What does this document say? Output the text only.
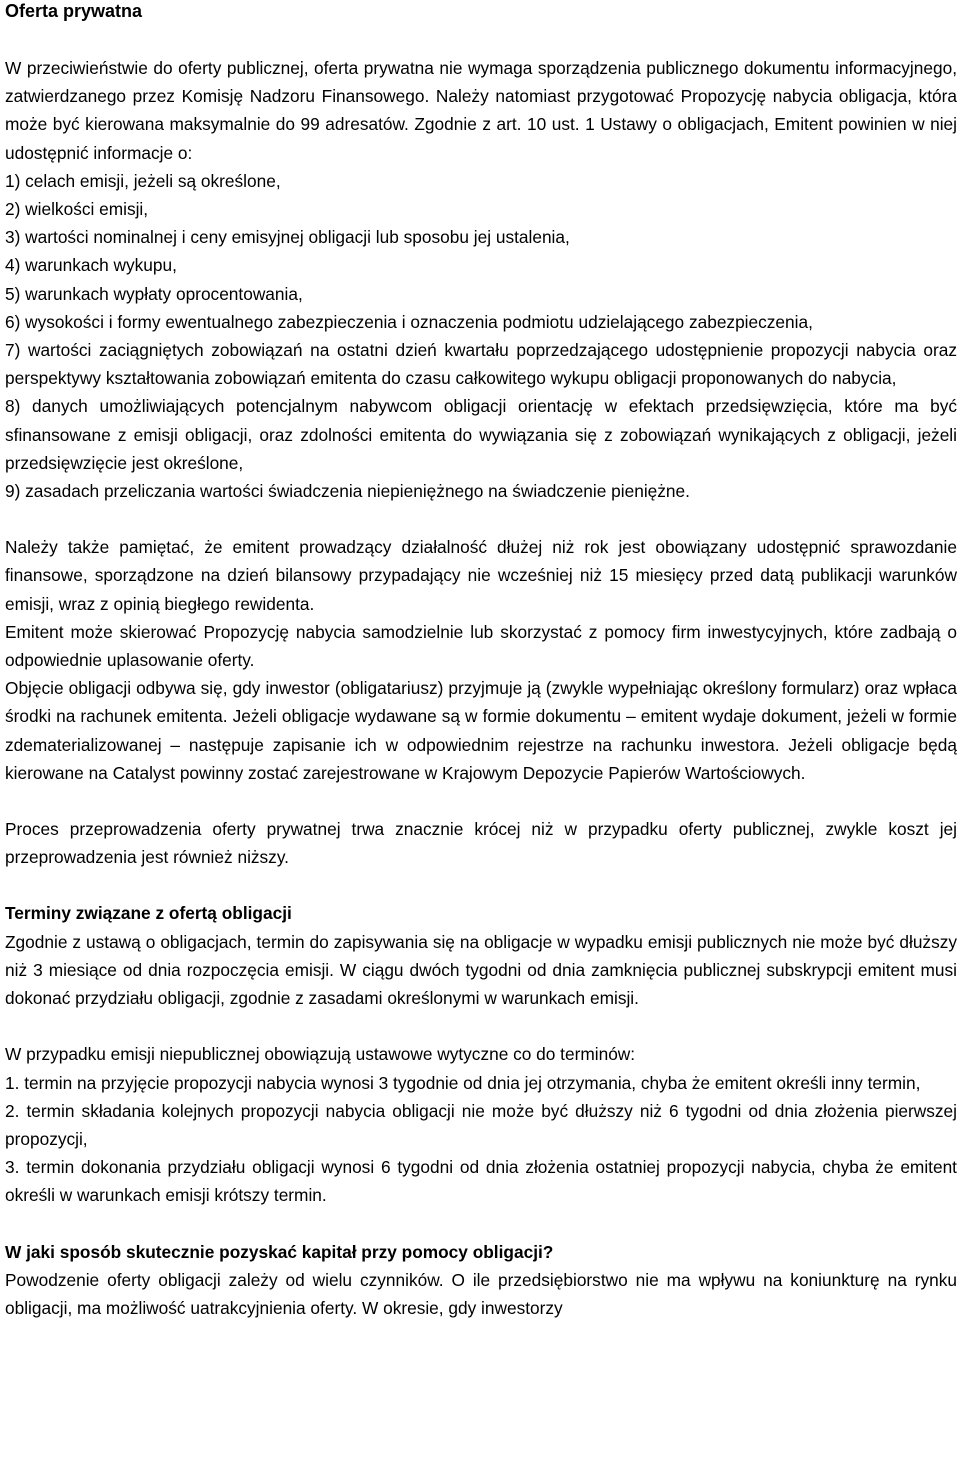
Oferta prywatna

W przeciwieństwie do oferty publicznej, oferta prywatna nie wymaga sporządzenia publicznego dokumentu informacyjnego, zatwierdzanego przez Komisję Nadzoru Finansowego. Należy natomiast przygotować Propozycję nabycia obligacja, która może być kierowana maksymalnie do 99 adresatów. Zgodnie z art. 10 ust. 1 Ustawy o obligacjach, Emitent powinien w niej udostępnić informacje o:

1) celach emisji, jeżeli są określone,

2) wielkości emisji,

3) wartości nominalnej i ceny emisyjnej obligacji lub sposobu jej ustalenia,

4) warunkach wykupu,

5) warunkach wypłaty oprocentowania,

6) wysokości i formy ewentualnego zabezpieczenia i oznaczenia podmiotu udzielającego zabezpieczenia,

7) wartości zaciągniętych zobowiązań na ostatni dzień kwartału poprzedzającego udostępnienie propozycji nabycia oraz perspektywy kształtowania zobowiązań emitenta do czasu całkowitego wykupu obligacji proponowanych do nabycia,

8) danych umożliwiających potencjalnym nabywcom obligacji orientację w efektach przedsięwzięcia, które ma być sfinansowane z emisji obligacji, oraz zdolności emitenta do wywiązania się z zobowiązań wynikających z obligacji, jeżeli przedsięwzięcie jest określone,

9) zasadach przeliczania wartości świadczenia niepieniężnego na świadczenie pieniężne.

Należy także pamiętać, że emitent prowadzący działalność dłużej niż rok jest obowiązany udostępnić sprawozdanie finansowe, sporządzone na dzień bilansowy przypadający nie wcześniej niż 15 miesięcy przed datą publikacji warunków emisji, wraz z opinią biegłego rewidenta.

Emitent może skierować Propozycję nabycia samodzielnie lub skorzystać z pomocy firm inwestycyjnych, które zadbają o odpowiednie uplasowanie oferty.

Objęcie obligacji odbywa się, gdy inwestor (obligatariusz) przyjmuje ją (zwykle wypełniając określony formularz) oraz wpłaca środki na rachunek emitenta. Jeżeli obligacje wydawane są w formie dokumentu – emitent wydaje dokument, jeżeli w formie zdematerializowanej – następuje zapisanie ich w odpowiednim rejestrze na rachunku inwestora. Jeżeli obligacje będą kierowane na Catalyst powinny zostać zarejestrowane w Krajowym Depozycie Papierów Wartościowych.

Proces przeprowadzenia oferty prywatnej trwa znacznie krócej niż w przypadku oferty publicznej, zwykle koszt jej przeprowadzenia jest również niższy.

Terminy związane z ofertą obligacji

Zgodnie z ustawą o obligacjach, termin do zapisywania się na obligacje w wypadku emisji publicznych nie może być dłuższy niż 3 miesiące od dnia rozpoczęcia emisji. W ciągu dwóch tygodni od dnia zamknięcia publicznej subskrypcji emitent musi dokonać przydziału obligacji, zgodnie z zasadami określonymi w warunkach emisji.

W przypadku emisji niepublicznej obowiązują ustawowe wytyczne co do terminów:

1. termin na przyjęcie propozycji nabycia wynosi 3 tygodnie od dnia jej otrzymania, chyba że emitent określi inny termin,

2. termin składania kolejnych propozycji nabycia obligacji nie może być dłuższy niż 6 tygodni od dnia złożenia pierwszej propozycji,

3. termin dokonania przydziału obligacji wynosi 6 tygodni od dnia złożenia ostatniej propozycji nabycia, chyba że emitent określi w warunkach emisji krótszy termin.

W jaki sposób skutecznie pozyskać kapitał przy pomocy obligacji?

Powodzenie oferty obligacji zależy od wielu czynników. O ile przedsiębiorstwo nie ma wpływu na koniunkturę na rynku obligacji, ma możliwość uatrakcyjnienia oferty. W okresie, gdy inwestorzy
